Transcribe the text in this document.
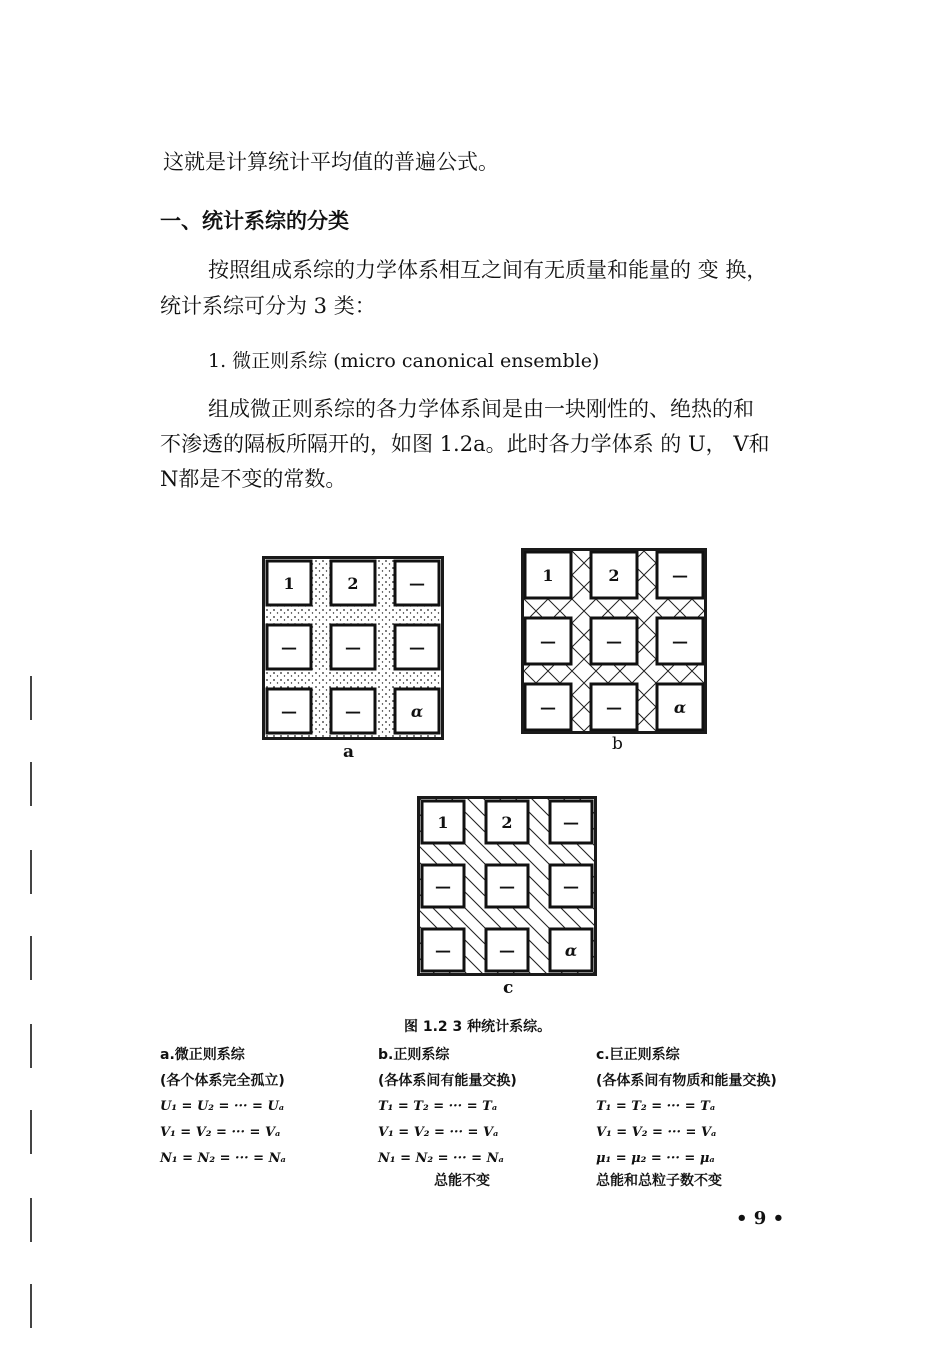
这就是计算统计平均值的普遍公式。
一、统计系综的分类
按照组成系综的力学体系相互之间有无质量和能量的 变 换，
统计系综可分为 3 类：
1. 微正则系综 (micro canonical ensemble)
组成微正则系综的各力学体系间是由一块刚性的、绝热的和
不渗透的隔板所隔开的，如图 1.2a。此时各力学体系 的 U， V和
N都是不变的常数。
1	2	—
—	—	—
—	—	α
a
1	2	—
—	—	—
—	—	α
b
1	2	—
—	—	—
—	—	α
c
图 1.2 3 种统计系综。
a.微正则系综
(各个体系完全孤立)
U₁ = U₂ = ··· = Uₐ
V₁ = V₂ = ··· = Vₐ
N₁ = N₂ = ··· = Nₐ
b.正则系综
(各体系间有能量交换)
T₁ = T₂ = ··· = Tₐ
V₁ = V₂ = ··· = Vₐ
N₁ = N₂ = ··· = Nₐ
总能不变
c.巨正则系综
(各体系间有物质和能量交换)
T₁ = T₂ = ··· = Tₐ
V₁ = V₂ = ··· = Vₐ
μ₁ = μ₂ = ··· = μₐ
总能和总粒子数不变
• 9 •
